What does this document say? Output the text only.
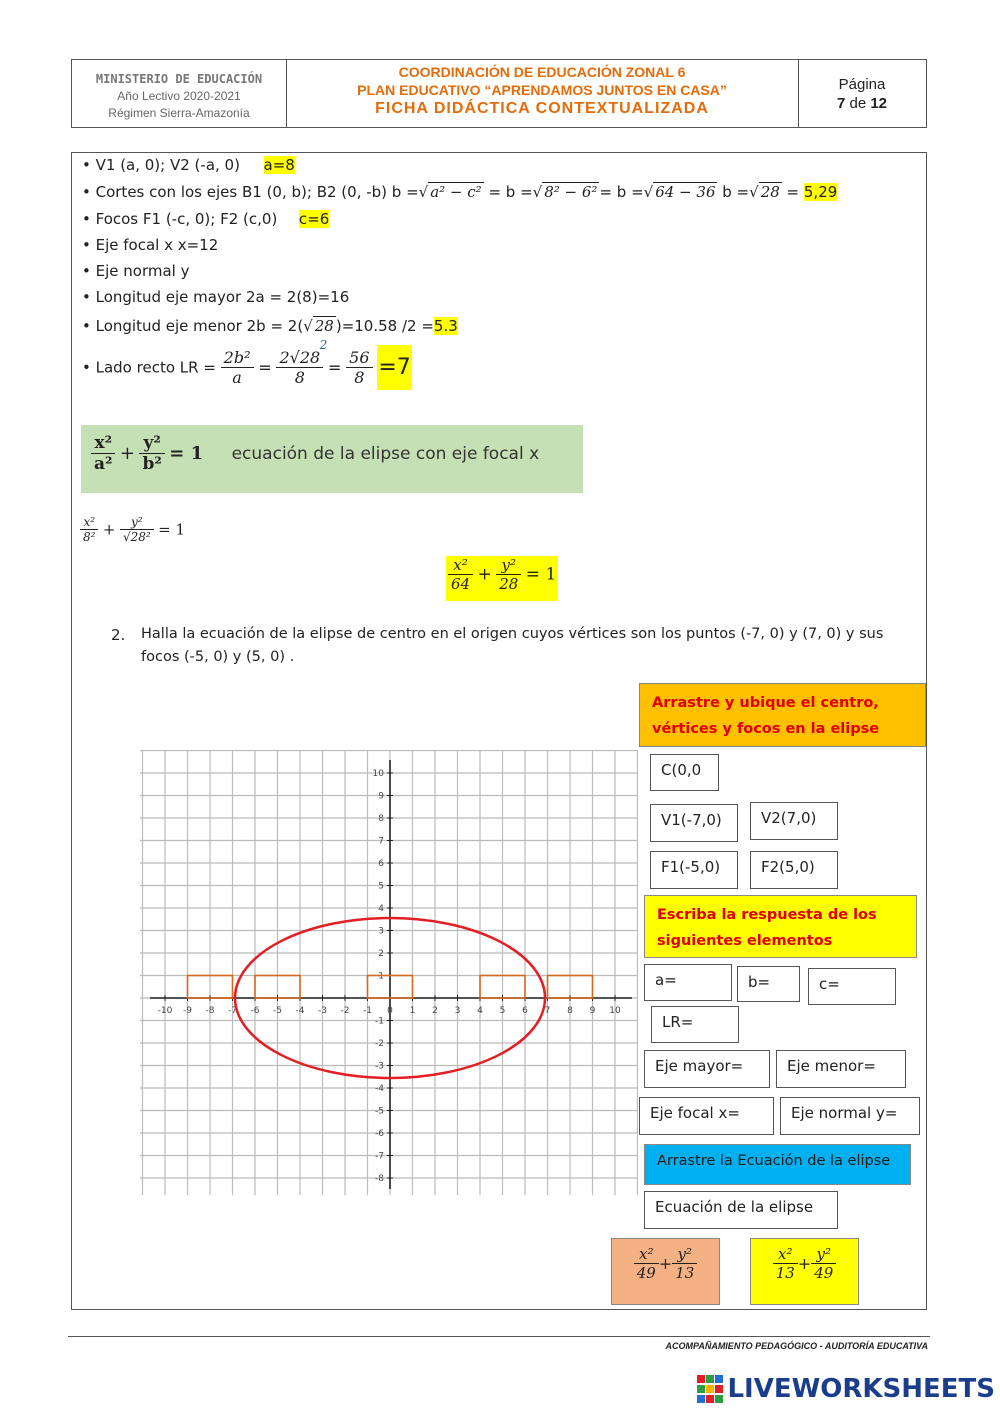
MINISTERIO DE EDUCACIÓN
Año Lectivo 2020-2021
Régimen Sierra-Amazonía
COORDINACIÓN DE EDUCACIÓN ZONAL 6
PLAN EDUCATIVO “APRENDAMOS JUNTOS EN CASA”
FICHA DIDÁCTICA CONTEXTUALIZADA
Página
7 de 12
• V1 (a, 0); V2 (-a, 0) a=8
• Cortes con los ejes B1 (0, b); B2 (0, -b) b =√ a² − c² = b =√ 8² − 6² = b =√ 64 − 36 b =√ 28 = 5,29
• Focos F1 (-c, 0); F2 (c,0) c=6
• Eje focal x x=12
• Eje normal y
• Longitud eje mayor 2a = 2(8)=16
• Longitud eje menor 2b = 2(√ 28 )=10.58 /2 =5.3
• Lado recto LR = $\frac{\text{2b²}}{a}$ =
2√28
8
2
= $\frac{56}{8} =7$
$\frac{\text{x²}}{\text{a²}} + \frac{\text{y²}}{\text{b²}} = 1$ ecuación de la elipse con eje focal x
$\frac{\text{x²}}{\text{8²}} + \frac{\text{y²}}{\text{√28²}} = 1$
$\frac{\text{x²}}{64} + \frac{\text{y²}}{28} = 1$
2. Halla la ecuación de la elipse de centro en el origen cuyos vértices son los puntos (-7, 0) y (7, 0) y sus
focos (-5, 0) y (5, 0) .
-10 -9 -8 -7 -6 -5 -4 -3 -2 -1 0 1 2 3 4 5 6 7 8 9 10
10
9
8
7
6
5
4
3
2
1
-1
-2
-3
-4
-5
-6
-7
-8
Arrastre y ubique el centro, vértices y focos en la elipse
C(0,0
V1(-7,0)	V2(7,0)
F1(-5,0)	F2(5,0)
Escriba la respuesta de los siguientes elementos
a=	b=	c=
LR=
Eje mayor=	Eje menor=
Eje focal x=	Eje normal y=
Arrastre la Ecuación de la elipse
Ecuación de la elipse
$\frac{\text{x²}}{49} + \frac{\text{y²}}{13}$	$\frac{\text{x²}}{13} + \frac{\text{y²}}{49}$
ACOMPAÑAMIENTO PEDAGÓGICO - AUDITORÍA EDUCATIVA
LIVEWORKSHEETS
